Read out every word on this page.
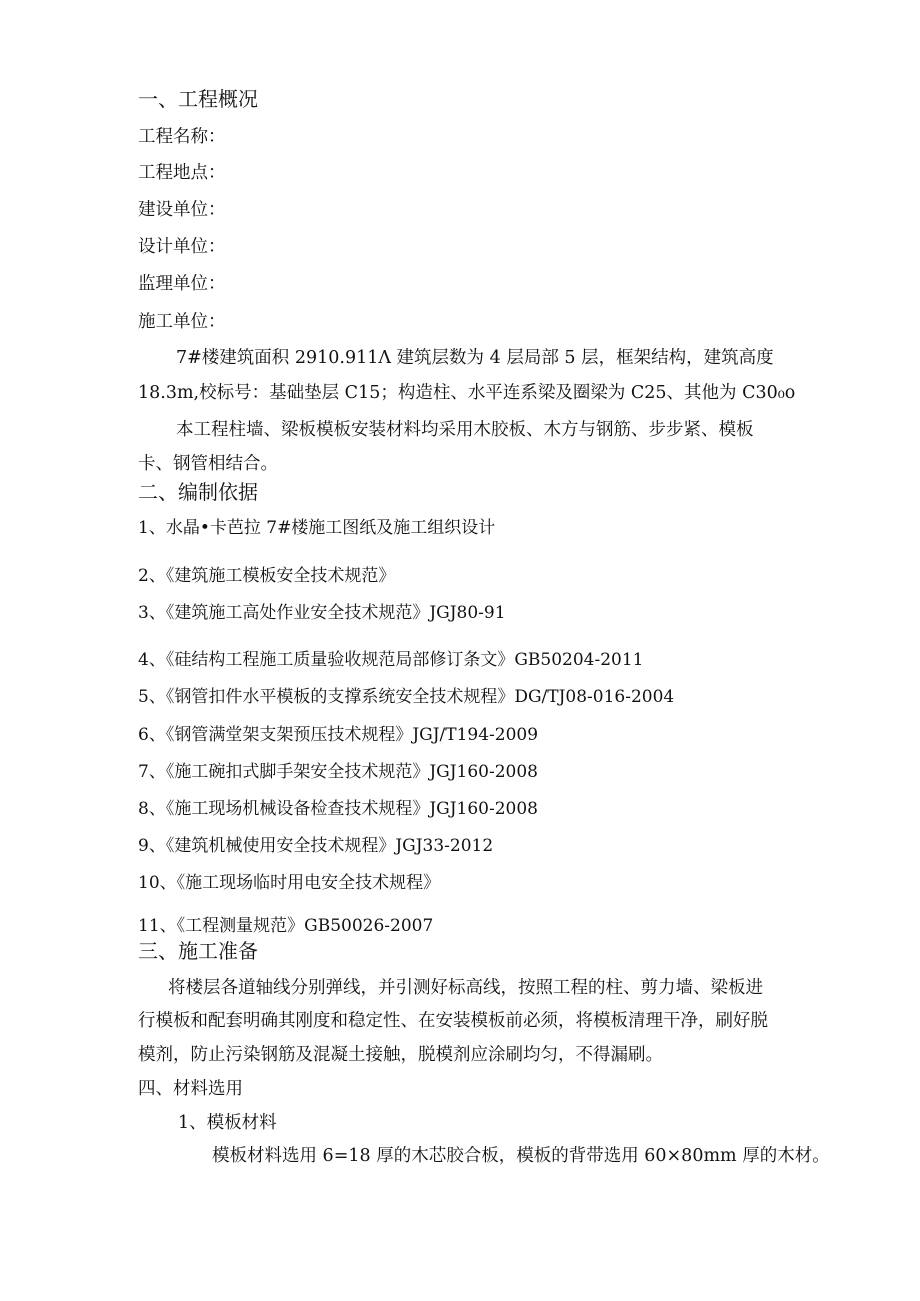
一、工程概况
工程名称：
工程地点：
建设单位：
设计单位：
监理单位：
施工单位：
7#楼建筑面积 2910.911Λ 建筑层数为 4 层局部 5 层，框架结构，建筑高度
18.3m,校标号：基础垫层 C15；构造柱、水平连系梁及圈梁为 C25、其他为 C30₀o
本工程柱墙、梁板模板安装材料均采用木胶板、木方与钢筋、步步紧、模板
卡、钢管相结合。
二、编制依据
1、水晶•卡芭拉 7#楼施工图纸及施工组织设计
2、《建筑施工模板安全技术规范》
3、《建筑施工高处作业安全技术规范》JGJ80-91
4、《硅结构工程施工质量验收规范局部修订条文》GB50204-2011
5、《钢管扣件水平模板的支撑系统安全技术规程》DG/TJ08-016-2004
6、《钢管满堂架支架预压技术规程》JGJ/T194-2009
7、《施工碗扣式脚手架安全技术规范》JGJ160-2008
8、《施工现场机械设备检查技术规程》JGJ160-2008
9、《建筑机械使用安全技术规程》JGJ33-2012
10、《施工现场临时用电安全技术规程》
11、《工程测量规范》GB50026-2007
三、施工准备
将楼层各道轴线分别弹线，并引测好标高线，按照工程的柱、剪力墙、梁板进
行模板和配套明确其刚度和稳定性、在安装模板前必须，将模板清理干净，刷好脱
模剂，防止污染钢筋及混凝土接触，脱模剂应涂刷均匀，不得漏刷。
四、材料选用
1、模板材料
模板材料选用 6=18 厚的木芯胶合板，模板的背带选用 60×80mm 厚的木材。
